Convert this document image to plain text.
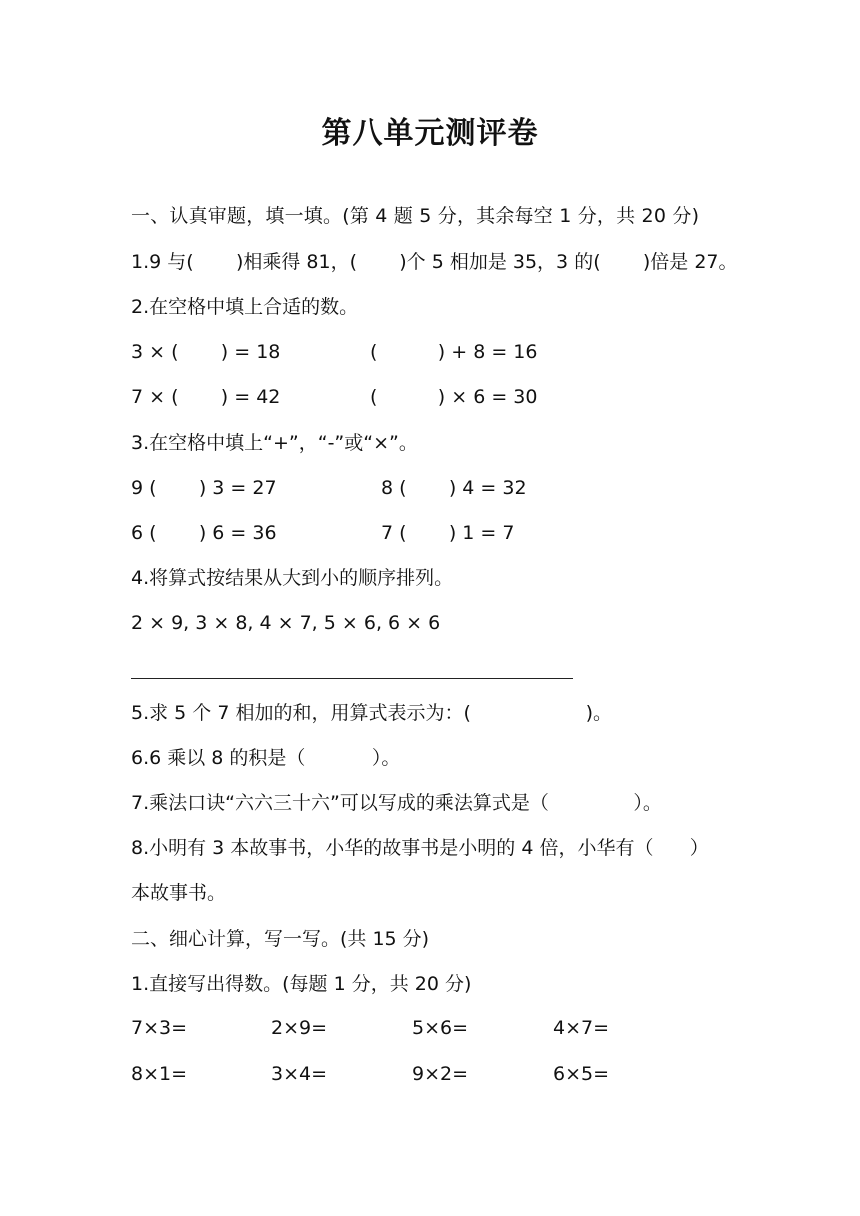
第八单元测评卷
一、认真审题，填一填。(第 4 题 5 分，其余每空 1 分，共 20 分)
1.9 与(       )相乘得 81，(       )个 5 相加是 35，3 的(       )倍是 27。
2.在空格中填上合适的数。
3 × (       ) = 18	(          ) + 8 = 16
7 × (       ) = 42	(          ) × 6 = 30
3.在空格中填上“+”，“-”或“×”。
9 (       ) 3 = 27	8 (       ) 4 = 32
6 (       ) 6 = 36	7 (       ) 1 = 7
4.将算式按结果从大到小的顺序排列。
2 × 9, 3 × 8, 4 × 7, 5 × 6, 6 × 6
5.求 5 个 7 相加的和，用算式表示为：(                   )。
6.6 乘以 8 的积是（           ）。
7.乘法口诀“六六三十六”可以写成的乘法算式是（              ）。
8.小明有 3 本故事书，小华的故事书是小明的 4 倍，小华有（      ）
本故事书。
二、细心计算，写一写。(共 15 分)
1.直接写出得数。(每题 1 分，共 20 分)
7×3=	2×9=	5×6=	4×7=
8×1=	3×4=	9×2=	6×5=
